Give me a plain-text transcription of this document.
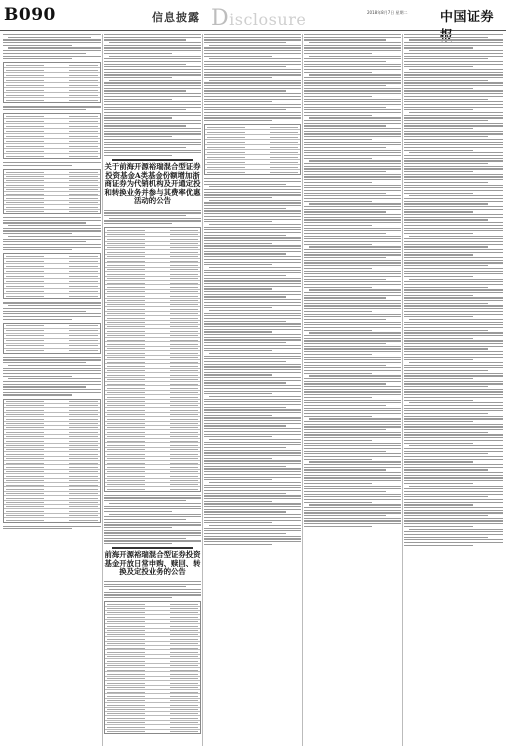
B090	信息披露 Disclosure	2018年8月7日 星期二 中国证券
关于前海开源裕瑞混合型证券投资基金A类基金份额增加浙商证券为代销机构及开通定投和转换业务并参与其费率优惠活动的公告
前海开源裕瑞混合型证券投资基金开放日常申购、赎回、转换及定投业务的公告
